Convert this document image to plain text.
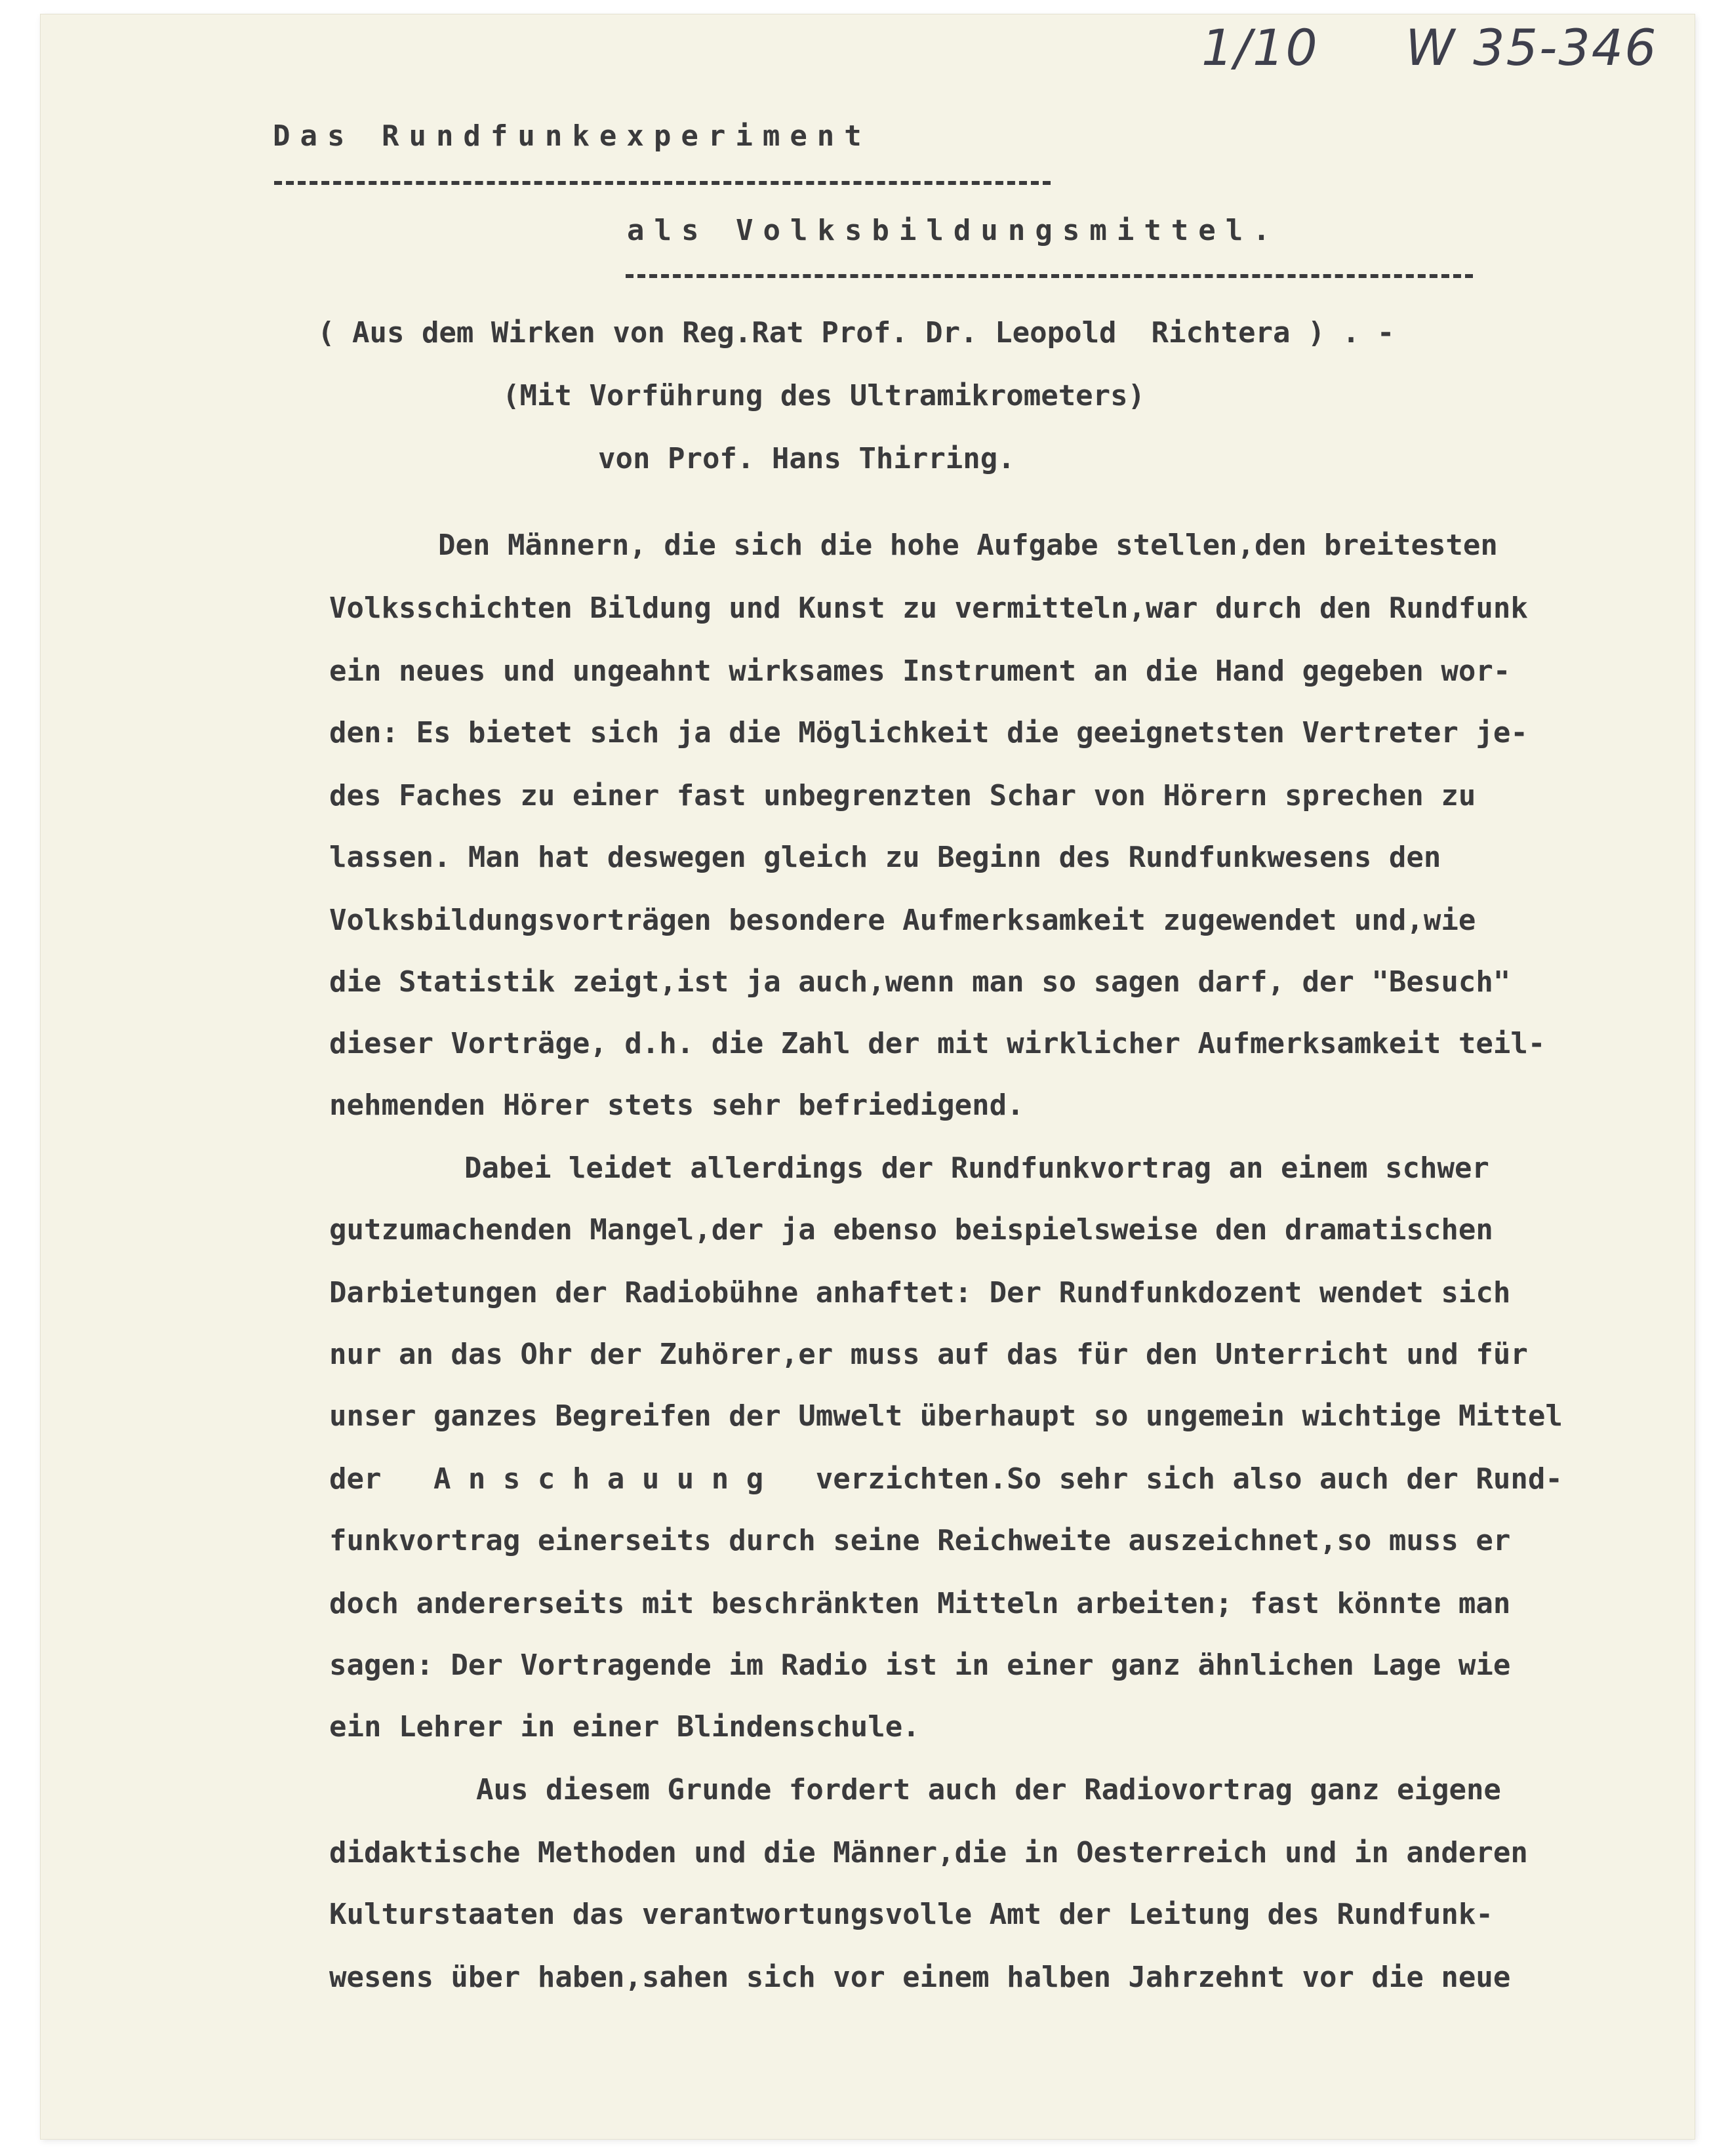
1/10 W 35-346
Das Rundfunkexperiment
als Volksbildungsmittel.
( Aus dem Wirken von Reg.Rat Prof. Dr. Leopold  Richtera ) . -
(Mit Vorführung des Ultramikrometers)
von Prof. Hans Thirring.
Den Männern, die sich die hohe Aufgabe stellen,den breitesten
Volksschichten Bildung und Kunst zu vermitteln,war durch den Rundfunk
ein neues und ungeahnt wirksames Instrument an die Hand gegeben wor-
den: Es bietet sich ja die Möglichkeit die geeignetsten Vertreter je-
des Faches zu einer fast unbegrenzten Schar von Hörern sprechen zu
lassen. Man hat deswegen gleich zu Beginn des Rundfunkwesens den
Volksbildungsvorträgen besondere Aufmerksamkeit zugewendet und,wie
die Statistik zeigt,ist ja auch,wenn man so sagen darf, der "Besuch"
dieser Vorträge, d.h. die Zahl der mit wirklicher Aufmerksamkeit teil-
nehmenden Hörer stets sehr befriedigend.
Dabei leidet allerdings der Rundfunkvortrag an einem schwer
gutzumachenden Mangel,der ja ebenso beispielsweise den dramatischen
Darbietungen der Radiobühne anhaftet: Der Rundfunkdozent wendet sich
nur an das Ohr der Zuhörer,er muss auf das für den Unterricht und für
unser ganzes Begreifen der Umwelt überhaupt so ungemein wichtige Mittel
der   A n s c h a u u n g   verzichten.So sehr sich also auch der Rund-
funkvortrag einerseits durch seine Reichweite auszeichnet,so muss er
doch andererseits mit beschränkten Mitteln arbeiten; fast könnte man
sagen: Der Vortragende im Radio ist in einer ganz ähnlichen Lage wie
ein Lehrer in einer Blindenschule.
Aus diesem Grunde fordert auch der Radiovortrag ganz eigene
didaktische Methoden und die Männer,die in Oesterreich und in anderen
Kulturstaaten das verantwortungsvolle Amt der Leitung des Rundfunk-
wesens über haben,sahen sich vor einem halben Jahrzehnt vor die neue
